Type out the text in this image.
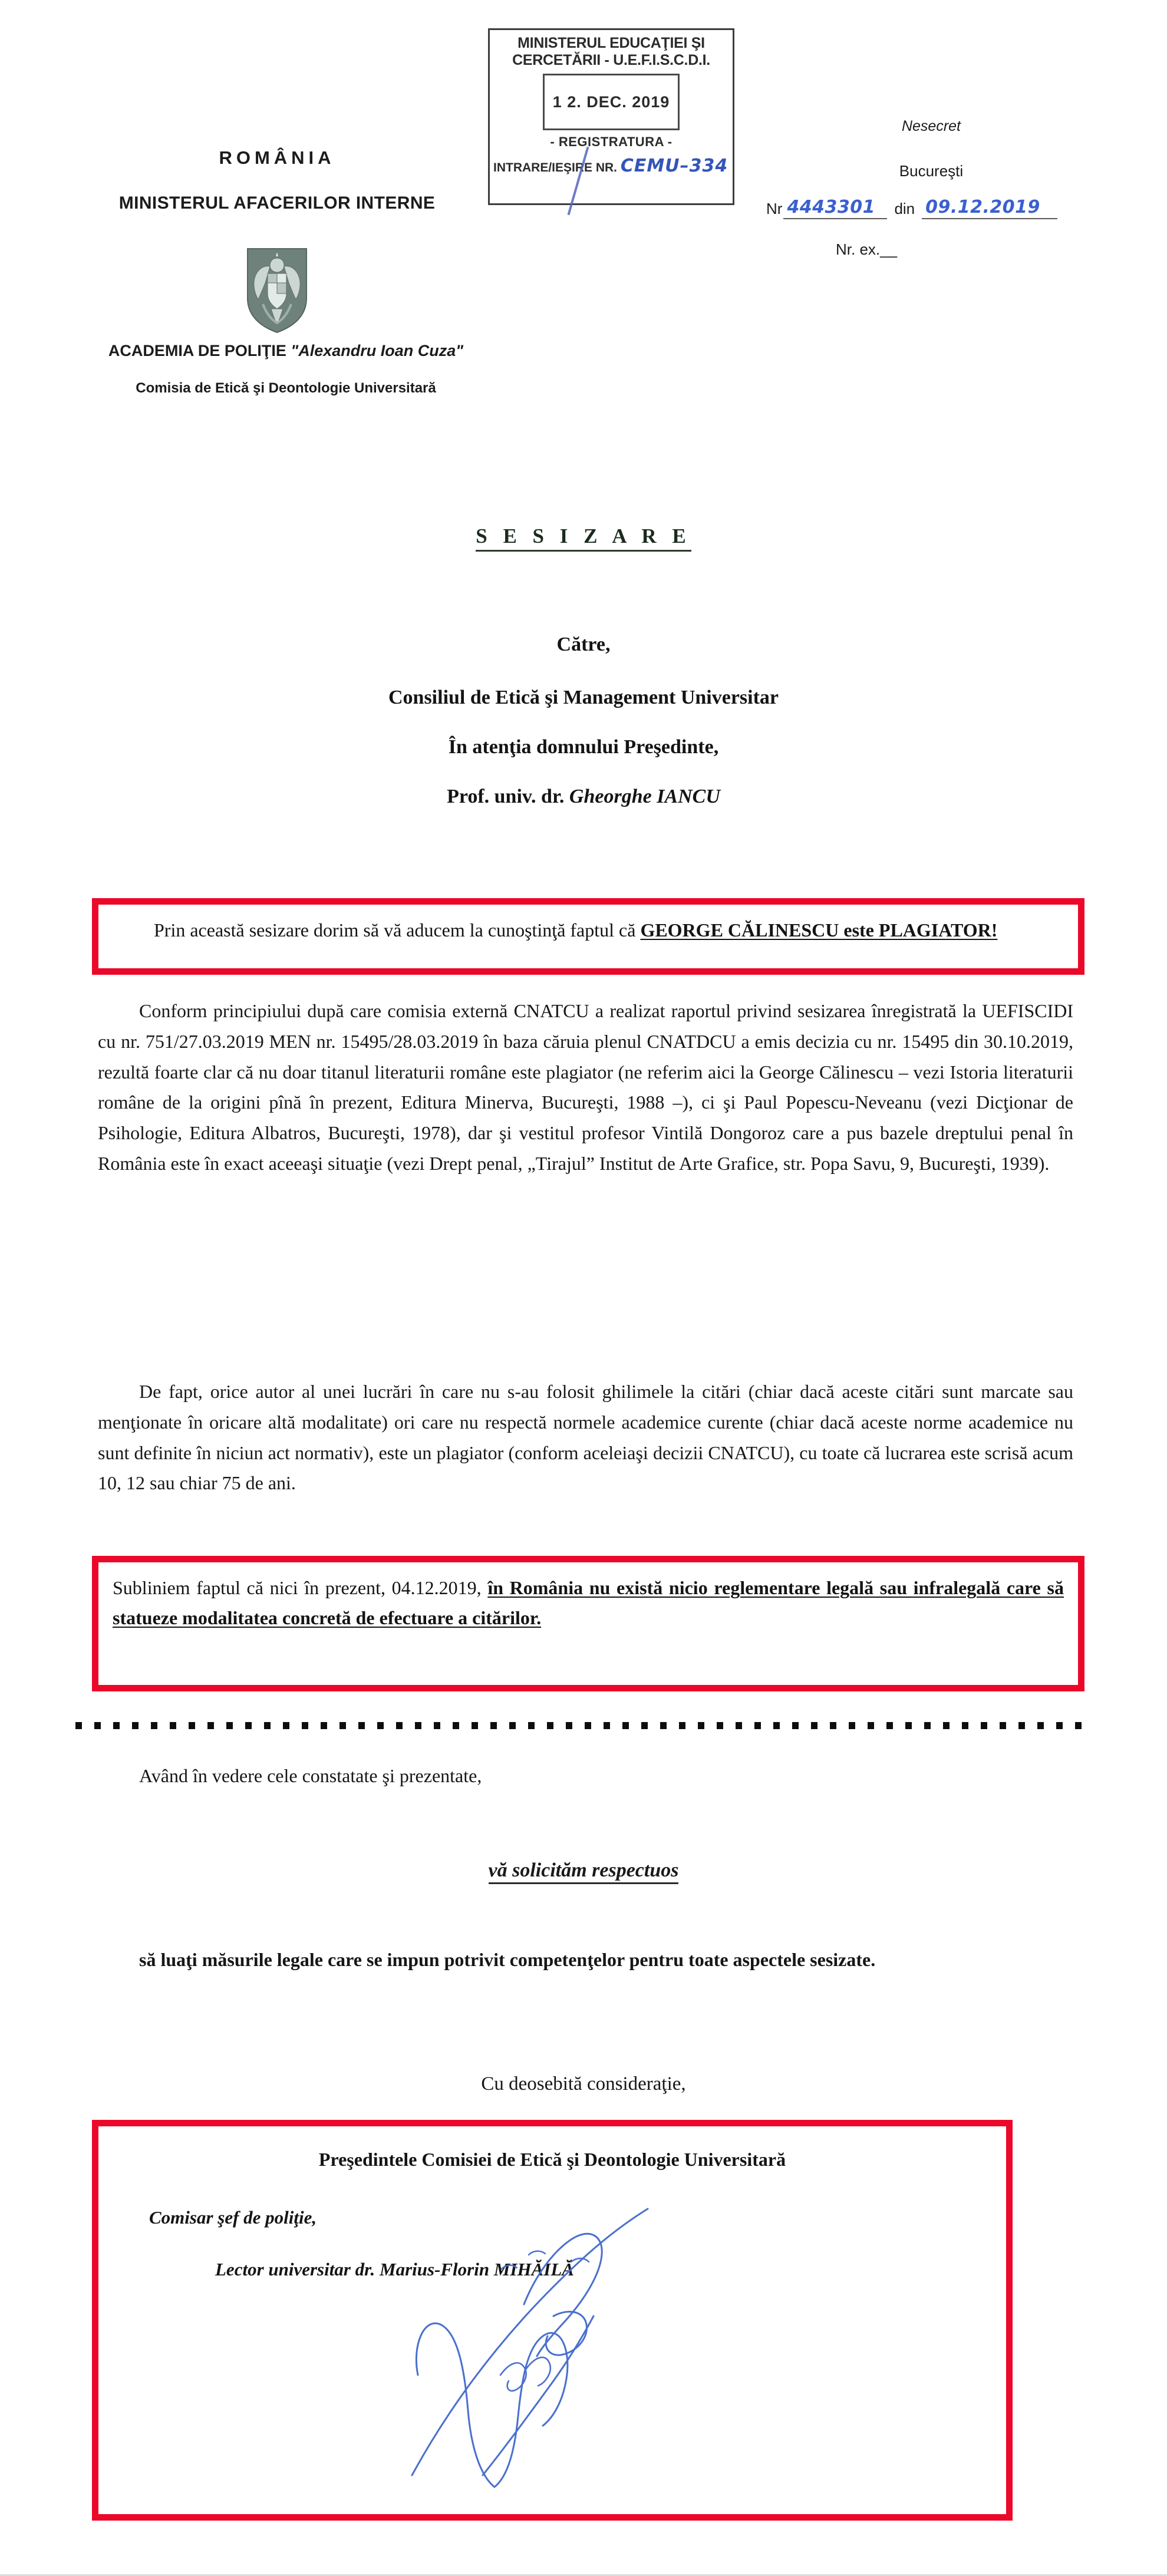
ROMÂNIA
MINISTERUL AFACERILOR INTERNE
ACADEMIA DE POLIŢIE "Alexandru Ioan Cuza"
Comisia de Etică şi Deontologie Universitară
MINISTERUL EDUCAŢIEI ŞI
CERCETĂRII - U.E.F.I.S.C.D.I.
1 2. DEC. 2019
- REGISTRATURA -
INTRARE/IEŞIRE NR. CEMU–334
Nesecret
Bucureşti
Nr 4443301 din 09.12.2019
Nr. ex.__
S E S I Z A R E
Către,
Consiliul de Etică şi Management Universitar
În atenţia domnului Preşedinte,
Prof. univ. dr. Gheorghe IANCU

Prin această sesizare dorim să vă aducem la cunoştinţă faptul că GEORGE CĂLINESCU este PLAGIATOR!

Conform principiului după care comisia externă CNATCU a realizat raportul privind sesizarea înregistrată la UEFISCIDI cu nr. 751/27.03.2019 MEN nr. 15495/28.03.2019 în baza căruia plenul CNATDCU a emis decizia cu nr. 15495 din 30.10.2019, rezultă foarte clar că nu doar titanul literaturii române este plagiator (ne referim aici la George Călinescu – vezi Istoria literaturii române de la origini pînă în prezent, Editura Minerva, Bucureşti, 1988 –), ci şi Paul Popescu-Neveanu (vezi Dicţionar de Psihologie, Editura Albatros, Bucureşti, 1978), dar şi vestitul profesor Vintilă Dongoroz care a pus bazele dreptului penal în România este în exact aceeaşi situaţie (vezi Drept penal, „Tirajul” Institut de Arte Grafice, str. Popa Savu, 9, Bucureşti, 1939).

De fapt, orice autor al unei lucrări în care nu s-au folosit ghilimele la citări (chiar dacă aceste citări sunt marcate sau menţionate în oricare altă modalitate) ori care nu respectă normele academice curente (chiar dacă aceste norme academice nu sunt definite în niciun act normativ), este un plagiator (conform aceleiaşi decizii CNATCU), cu toate că lucrarea este scrisă acum 10, 12 sau chiar 75 de ani.

Subliniem faptul că nici în prezent, 04.12.2019, în România nu există nicio reglementare legală sau infralegală care să statueze modalitatea concretă de efectuare a citărilor.

Având în vedere cele constatate şi prezentate,
vă solicităm respectuos
să luaţi măsurile legale care se impun potrivit competenţelor pentru toate aspectele sesizate.
Cu deosebită consideraţie,
Preşedintele Comisiei de Etică şi Deontologie Universitară
Comisar şef de poliţie,
Lector universitar dr. Marius-Florin MIHĂILĂ
